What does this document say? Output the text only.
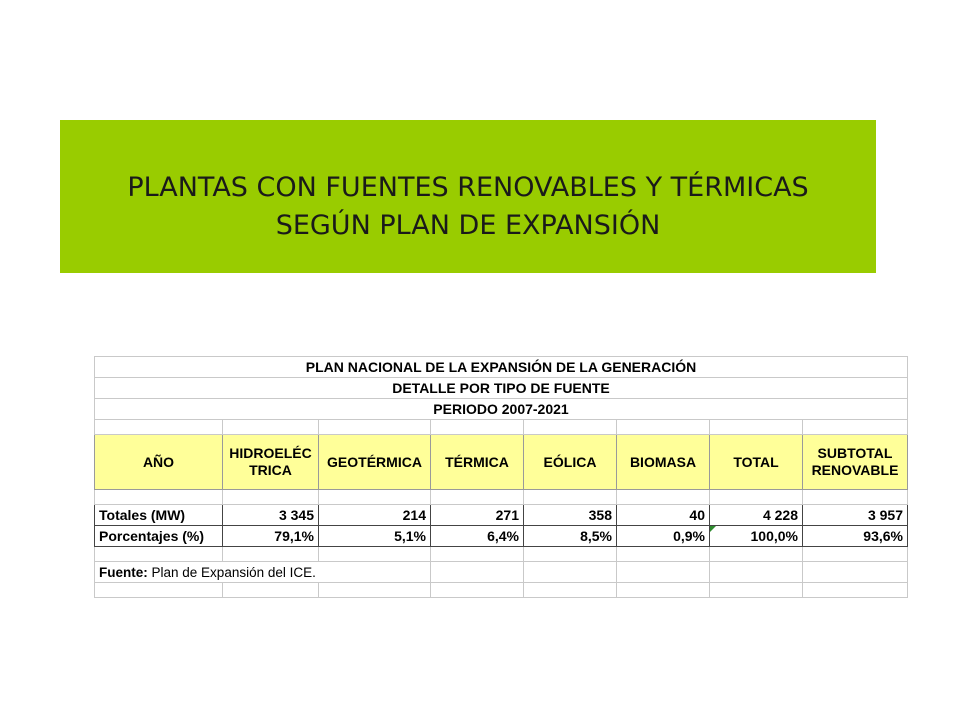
PLANTAS CON FUENTES RENOVABLES Y TÉRMICAS
SEGÚN PLAN DE EXPANSIÓN
PLAN NACIONAL DE LA EXPANSIÓN DE LA GENERACIÓN							
DETALLE POR TIPO DE FUENTE							
PERIODO 2007-2021							

AÑO	HIDROELÉC TRICA	GEOTÉRMICA	TÉRMICA	EÓLICA	BIOMASA	TOTAL	SUBTOTAL RENOVABLE

Totales (MW)	3 345	214	271	358	40	4 228	3 957
Porcentajes (%)	79,1%	5,1%	6,4%	8,5%	0,9%	100,0%	93,6%

Fuente: Plan de Expansión del ICE.							
